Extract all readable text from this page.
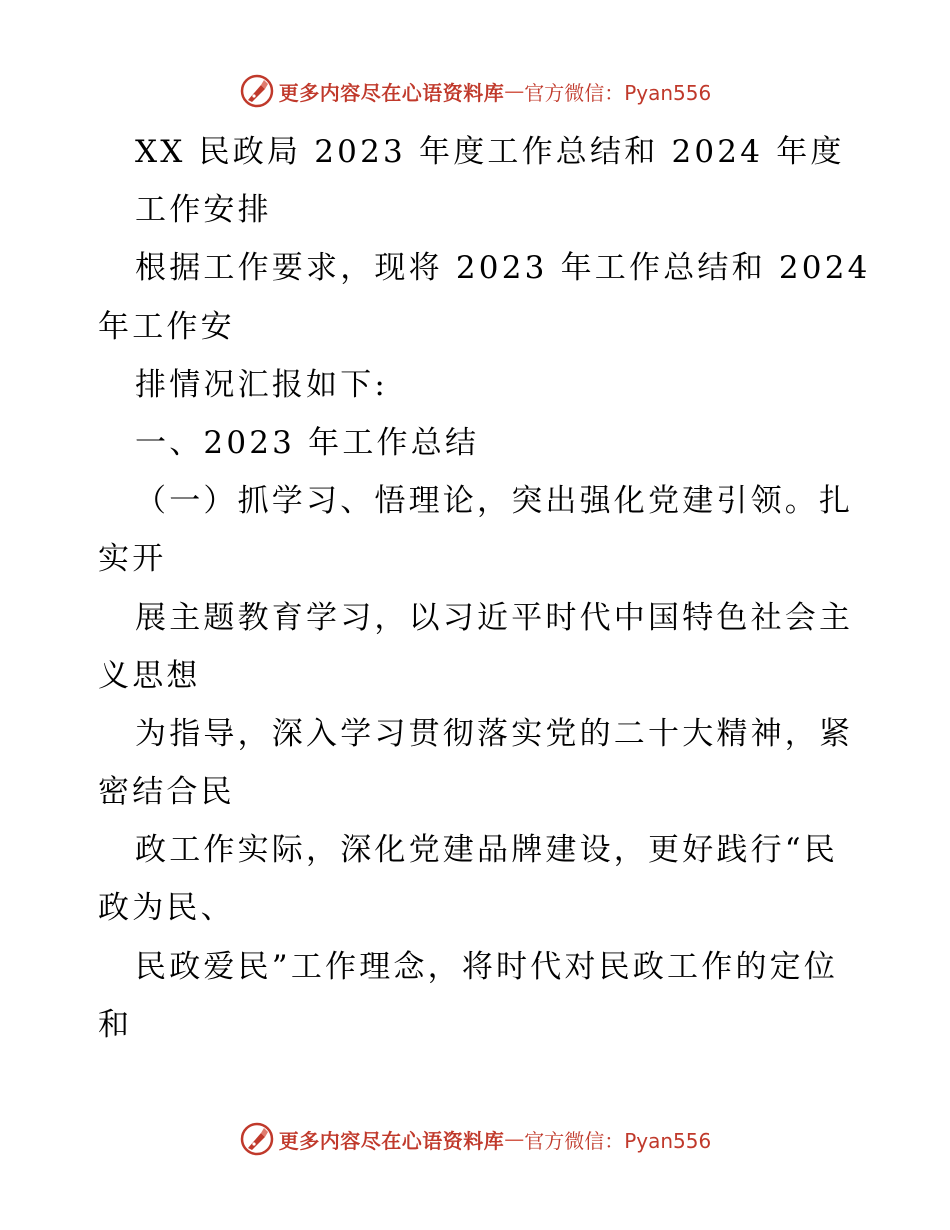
更多内容尽在心语资料库 — 官方微信：Pyan556
XX 民政局 2023 年度工作总结和 2024 年度
工作安排
根据工作要求，现将 2023 年工作总结和 2024
年工作安
排情况汇报如下:
一、2023 年工作总结
（一）抓学习、悟理论，突出强化党建引领。扎
实开
展主题教育学习，以习近平时代中国特色社会主
义思想
为指导，深入学习贯彻落实党的二十大精神，紧
密结合民
政工作实际，深化党建品牌建设，更好践行“民
政为民、
民政爱民”工作理念，将时代对民政工作的定位
和
更多内容尽在心语资料库 — 官方微信：Pyan556
